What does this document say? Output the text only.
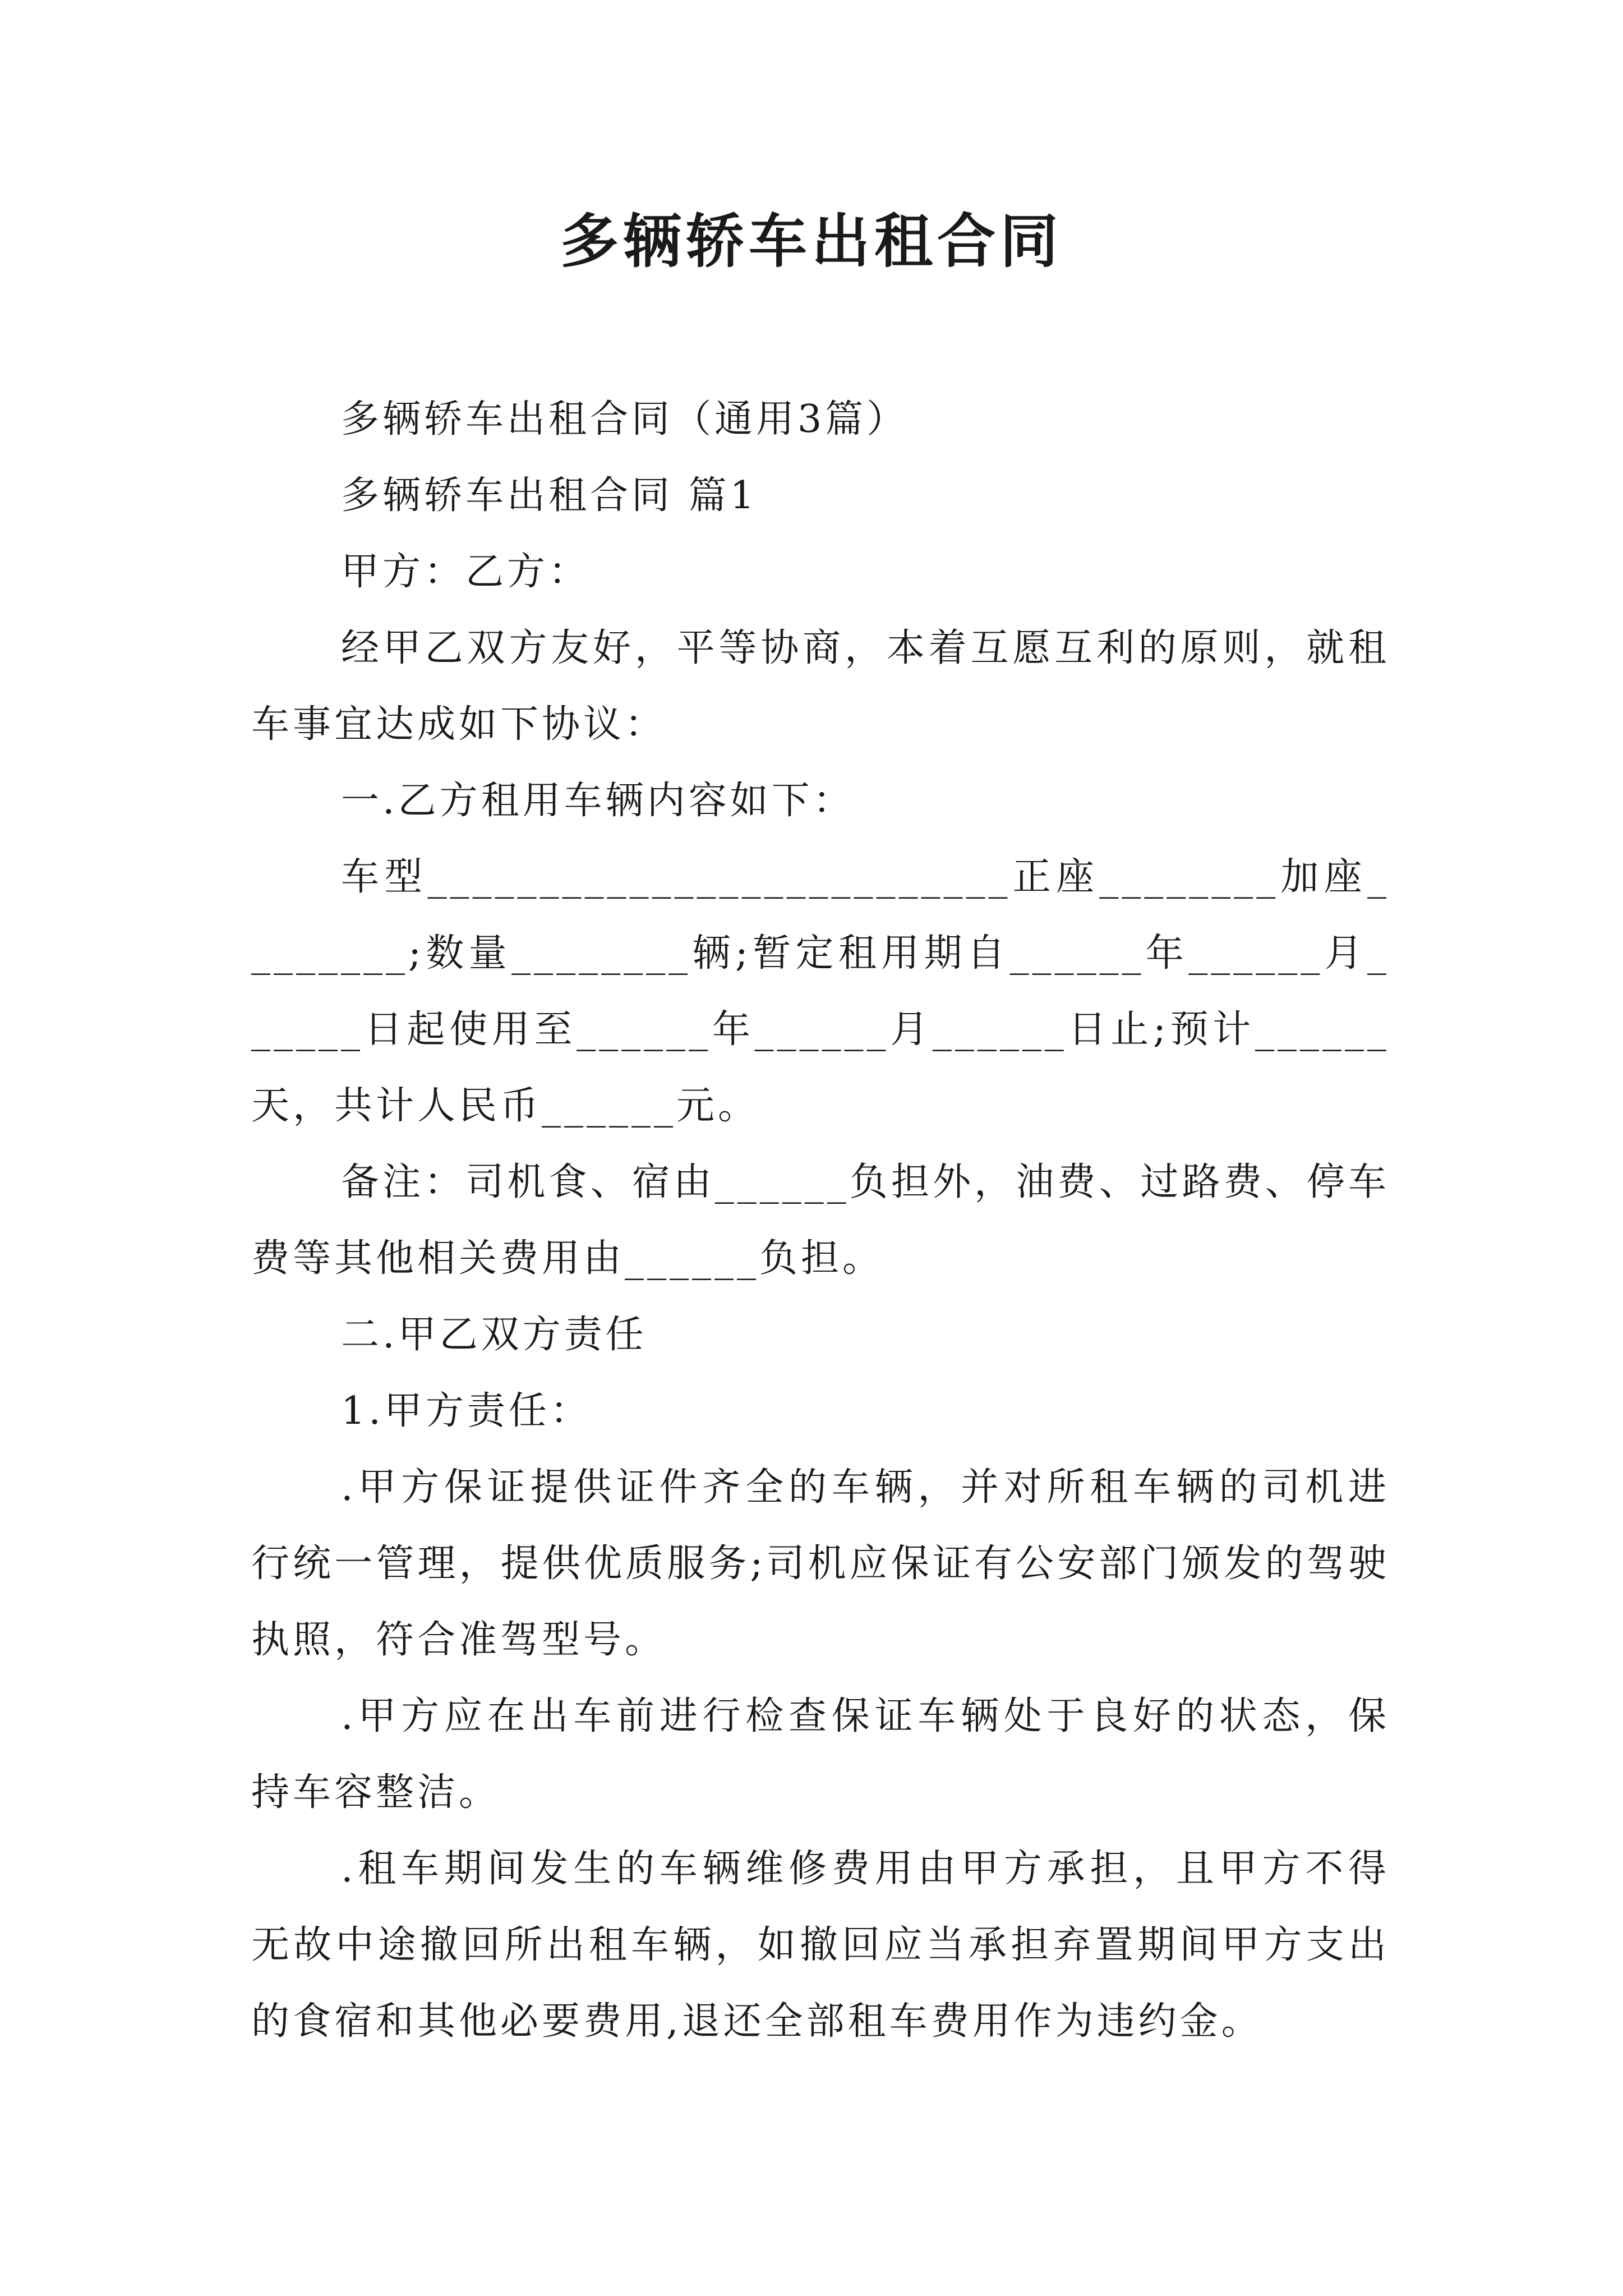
多辆轿车出租合同

多辆轿车出租合同（通用3篇）

多辆轿车出租合同 篇1

甲方：乙方：

经甲乙双方友好，平等协商，本着互愿互利的原则，就租车事宜达成如下协议：

一.乙方租用车辆内容如下：

车型__________________________正座________加座________;数量________辆;暂定租用期自______年______月______日起使用至______年______月______日止;预计______天，共计人民币______元。

备注：司机食、宿由______负担外，油费、过路费、停车费等其他相关费用由______负担。

二.甲乙双方责任

1.甲方责任：

.甲方保证提供证件齐全的车辆，并对所租车辆的司机进行统一管理，提供优质服务;司机应保证有公安部门颁发的驾驶执照，符合准驾型号。

.甲方应在出车前进行检查保证车辆处于良好的状态，保持车容整洁。

.租车期间发生的车辆维修费用由甲方承担，且甲方不得无故中途撤回所出租车辆，如撤回应当承担弃置期间甲方支出的食宿和其他必要费用,退还全部租车费用作为违约金。
